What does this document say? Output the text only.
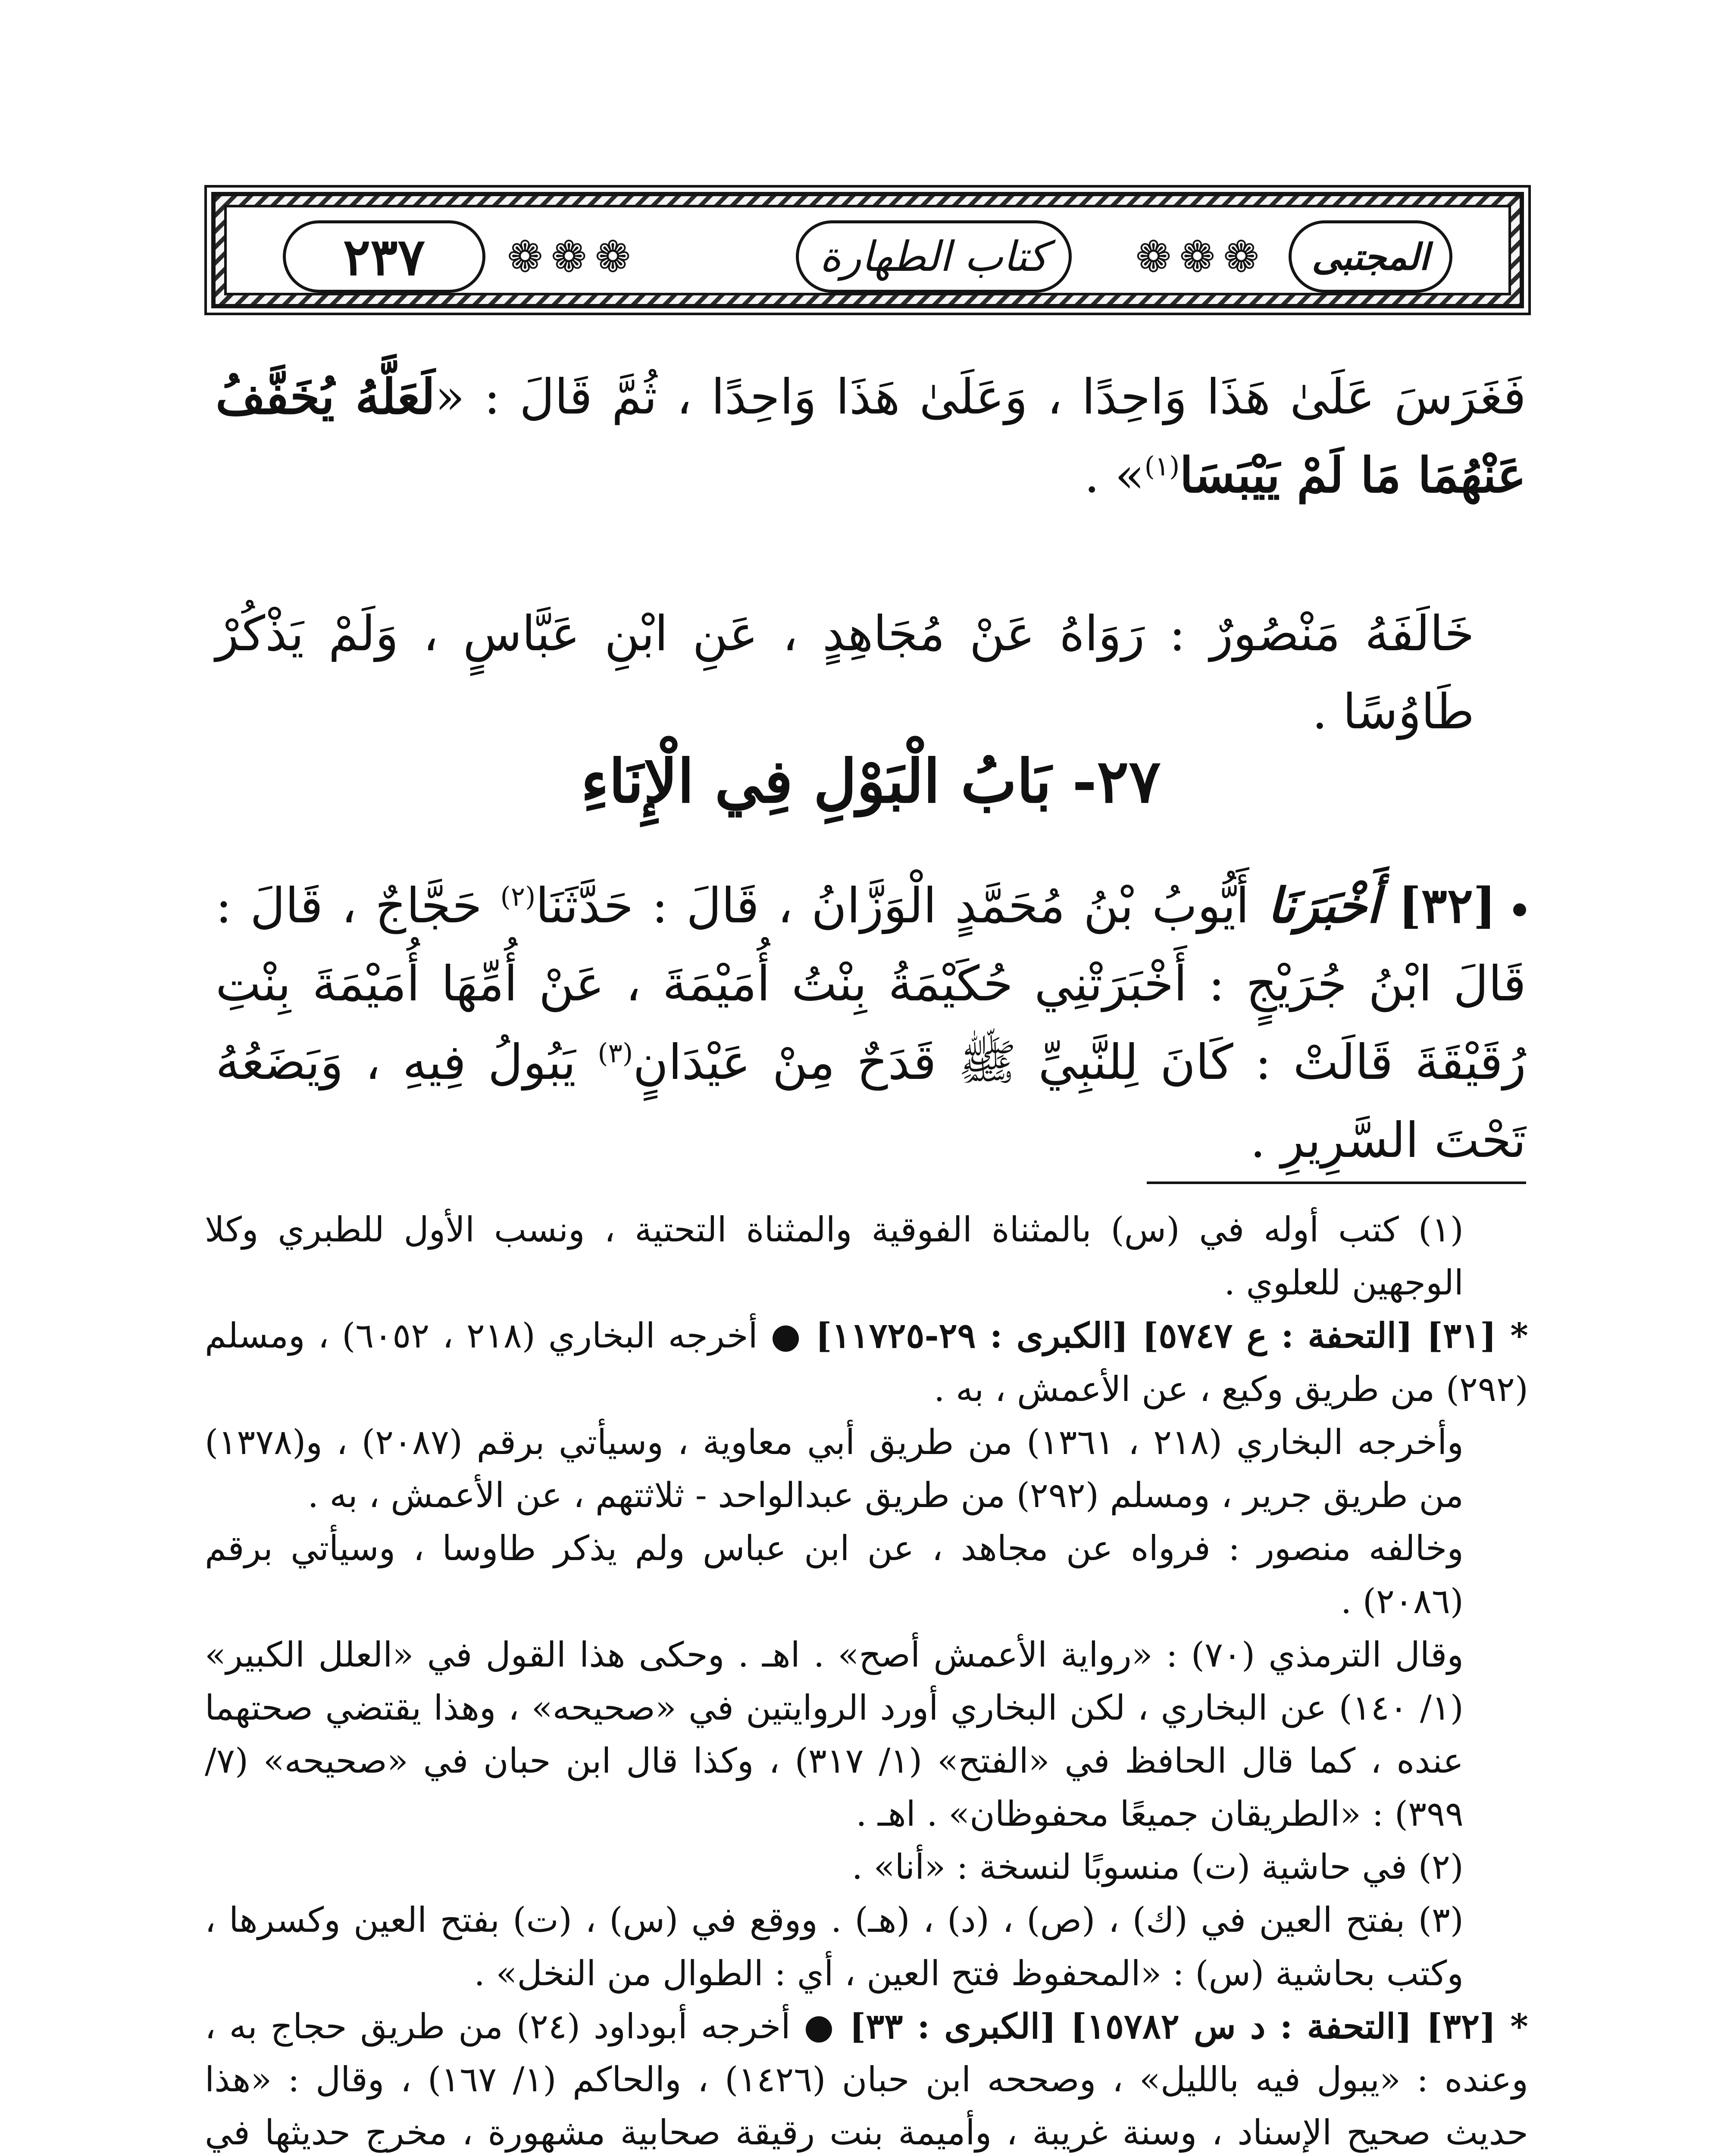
المجتبى
❁❁❁
كتاب الطهارة
❁❁❁
٢٣٧

فَغَرَسَ عَلَىٰ هَذَا وَاحِدًا ، وَعَلَىٰ هَذَا وَاحِدًا ، ثُمَّ قَالَ : «لَعَلَّهُ يُخَفَّفُ عَنْهُمَا مَا لَمْ يَيْبَسَا$^{(١)}$» .

خَالَفَهُ مَنْصُورٌ : رَوَاهُ عَنْ مُجَاهِدٍ ، عَنِ ابْنِ عَبَّاسٍ ، وَلَمْ يَذْكُرْ طَاوُسًا .

٢٧- بَابُ الْبَوْلِ فِي الْإِنَاءِ

[٣٢] أَخْبَرَنَا أَيُّوبُ بْنُ مُحَمَّدٍ الْوَزَّانُ ، قَالَ : حَدَّثَنَا$^{(٢)}$ حَجَّاجٌ ، قَالَ : قَالَ ابْنُ جُرَيْجٍ : أَخْبَرَتْنِي حُكَيْمَةُ بِنْتُ أُمَيْمَةَ ، عَنْ أُمِّهَا أُمَيْمَةَ بِنْتِ رُقَيْقَةَ قَالَتْ : كَانَ لِلنَّبِيِّ ﷺ قَدَحٌ مِنْ عَيْدَانٍ$^{(٣)}$ يَبُولُ فِيهِ ، وَيَضَعُهُ تَحْتَ السَّرِيرِ .

(١) كتب أوله في (س) بالمثناة الفوقية والمثناة التحتية ، ونسب الأول للطبري وكلا الوجهين للعلوي .

* [٣١] [التحفة : ع ٥٧٤٧] [الكبرى : ٢٩-١١٧٢٥] ● أخرجه البخاري (٢١٨ ، ٦٠٥٢) ، ومسلم (٢٩٢) من طريق وكيع ، عن الأعمش ، به .

وأخرجه البخاري (٢١٨ ، ١٣٦١) من طريق أبي معاوية ، وسيأتي برقم (٢٠٨٧) ، و(١٣٧٨) من طريق جرير ، ومسلم (٢٩٢) من طريق عبدالواحد - ثلاثتهم ، عن الأعمش ، به .

وخالفه منصور : فرواه عن مجاهد ، عن ابن عباس ولم يذكر طاوسا ، وسيأتي برقم (٢٠٨٦) .

وقال الترمذي (٧٠) : «رواية الأعمش أصح» . اهـ . وحكى هذا القول في «العلل الكبير» (١/ ١٤٠) عن البخاري ، لكن البخاري أورد الروايتين في «صحيحه» ، وهذا يقتضي صحتهما عنده ، كما قال الحافظ في «الفتح» (١/ ٣١٧) ، وكذا قال ابن حبان في «صحيحه» (٧/ ٣٩٩) : «الطريقان جميعًا محفوظان» . اهـ .

(٢) في حاشية (ت) منسوبًا لنسخة : «أنا» .

(٣) بفتح العين في (ك) ، (ص) ، (د) ، (هـ) . ووقع في (س) ، (ت) بفتح العين وكسرها ، وكتب بحاشية (س) : «المحفوظ فتح العين ، أي : الطوال من النخل» .

* [٣٢] [التحفة : د س ١٥٧٨٢] [الكبرى : ٣٣] ● أخرجه أبوداود (٢٤) من طريق حجاج به ، وعنده : «يبول فيه بالليل» ، وصححه ابن حبان (١٤٢٦) ، والحاكم (١/ ١٦٧) ، وقال : «هذا حديث صحيح الإسناد ، وسنة غريبة ، وأميمة بنت رقيقة صحابية مشهورة ، مخرج حديثها في
